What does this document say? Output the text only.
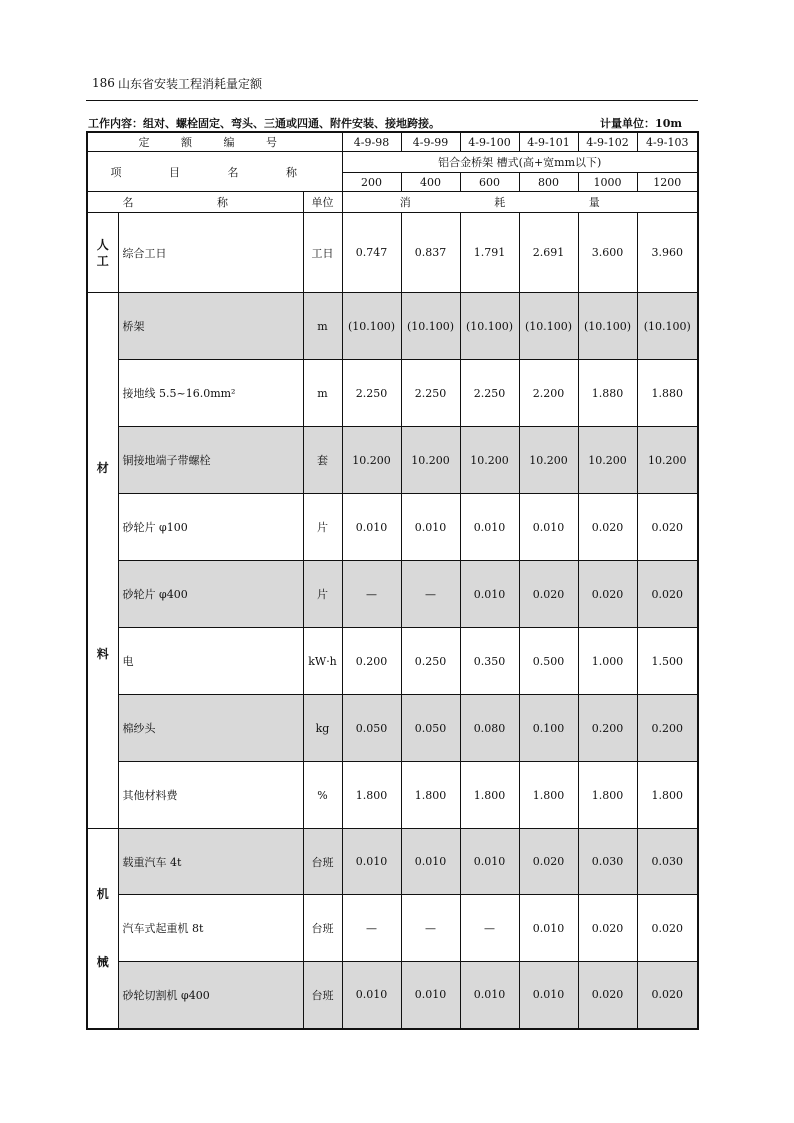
186 山东省安装工程消耗量定额
工作内容：组对、螺栓固定、弯头、三通或四通、附件安装、接地跨接。	计量单位：10m
定 额 编 号			4-9-98	4-9-99	4-9-100	4-9-101	4-9-102	4-9-103
项 目 名 称			铝合金桥架 槽式(高+宽mm以下)					
			200	400	600	800	1000	1200
名 称		单位	消 耗 量					
人工	综合工日	工日	0.747	0.837	1.791	2.691	3.600	3.960

材
料	桥架	m	(10.100)	(10.100)	(10.100)	(10.100)	(10.100)	(10.100)
	接地线 5.5~16.0mm²	m	2.250	2.250	2.250	2.200	1.880	1.880
	铜接地端子带螺栓	套	10.200	10.200	10.200	10.200	10.200	10.200
	砂轮片 φ100	片	0.010	0.010	0.010	0.010	0.020	0.020
	砂轮片 φ400	片	—	—	0.010	0.020	0.020	0.020
	电	kW·h	0.200	0.250	0.350	0.500	1.000	1.500
	棉纱头	kg	0.050	0.050	0.080	0.100	0.200	0.200
	其他材料费	%	1.800	1.800	1.800	1.800	1.800	1.800

机
械	载重汽车 4t	台班	0.010	0.010	0.010	0.020	0.030	0.030
	汽车式起重机 8t	台班	—	—	—	0.010	0.020	0.020
	砂轮切割机 φ400	台班	0.010	0.010	0.010	0.010	0.020	0.020
